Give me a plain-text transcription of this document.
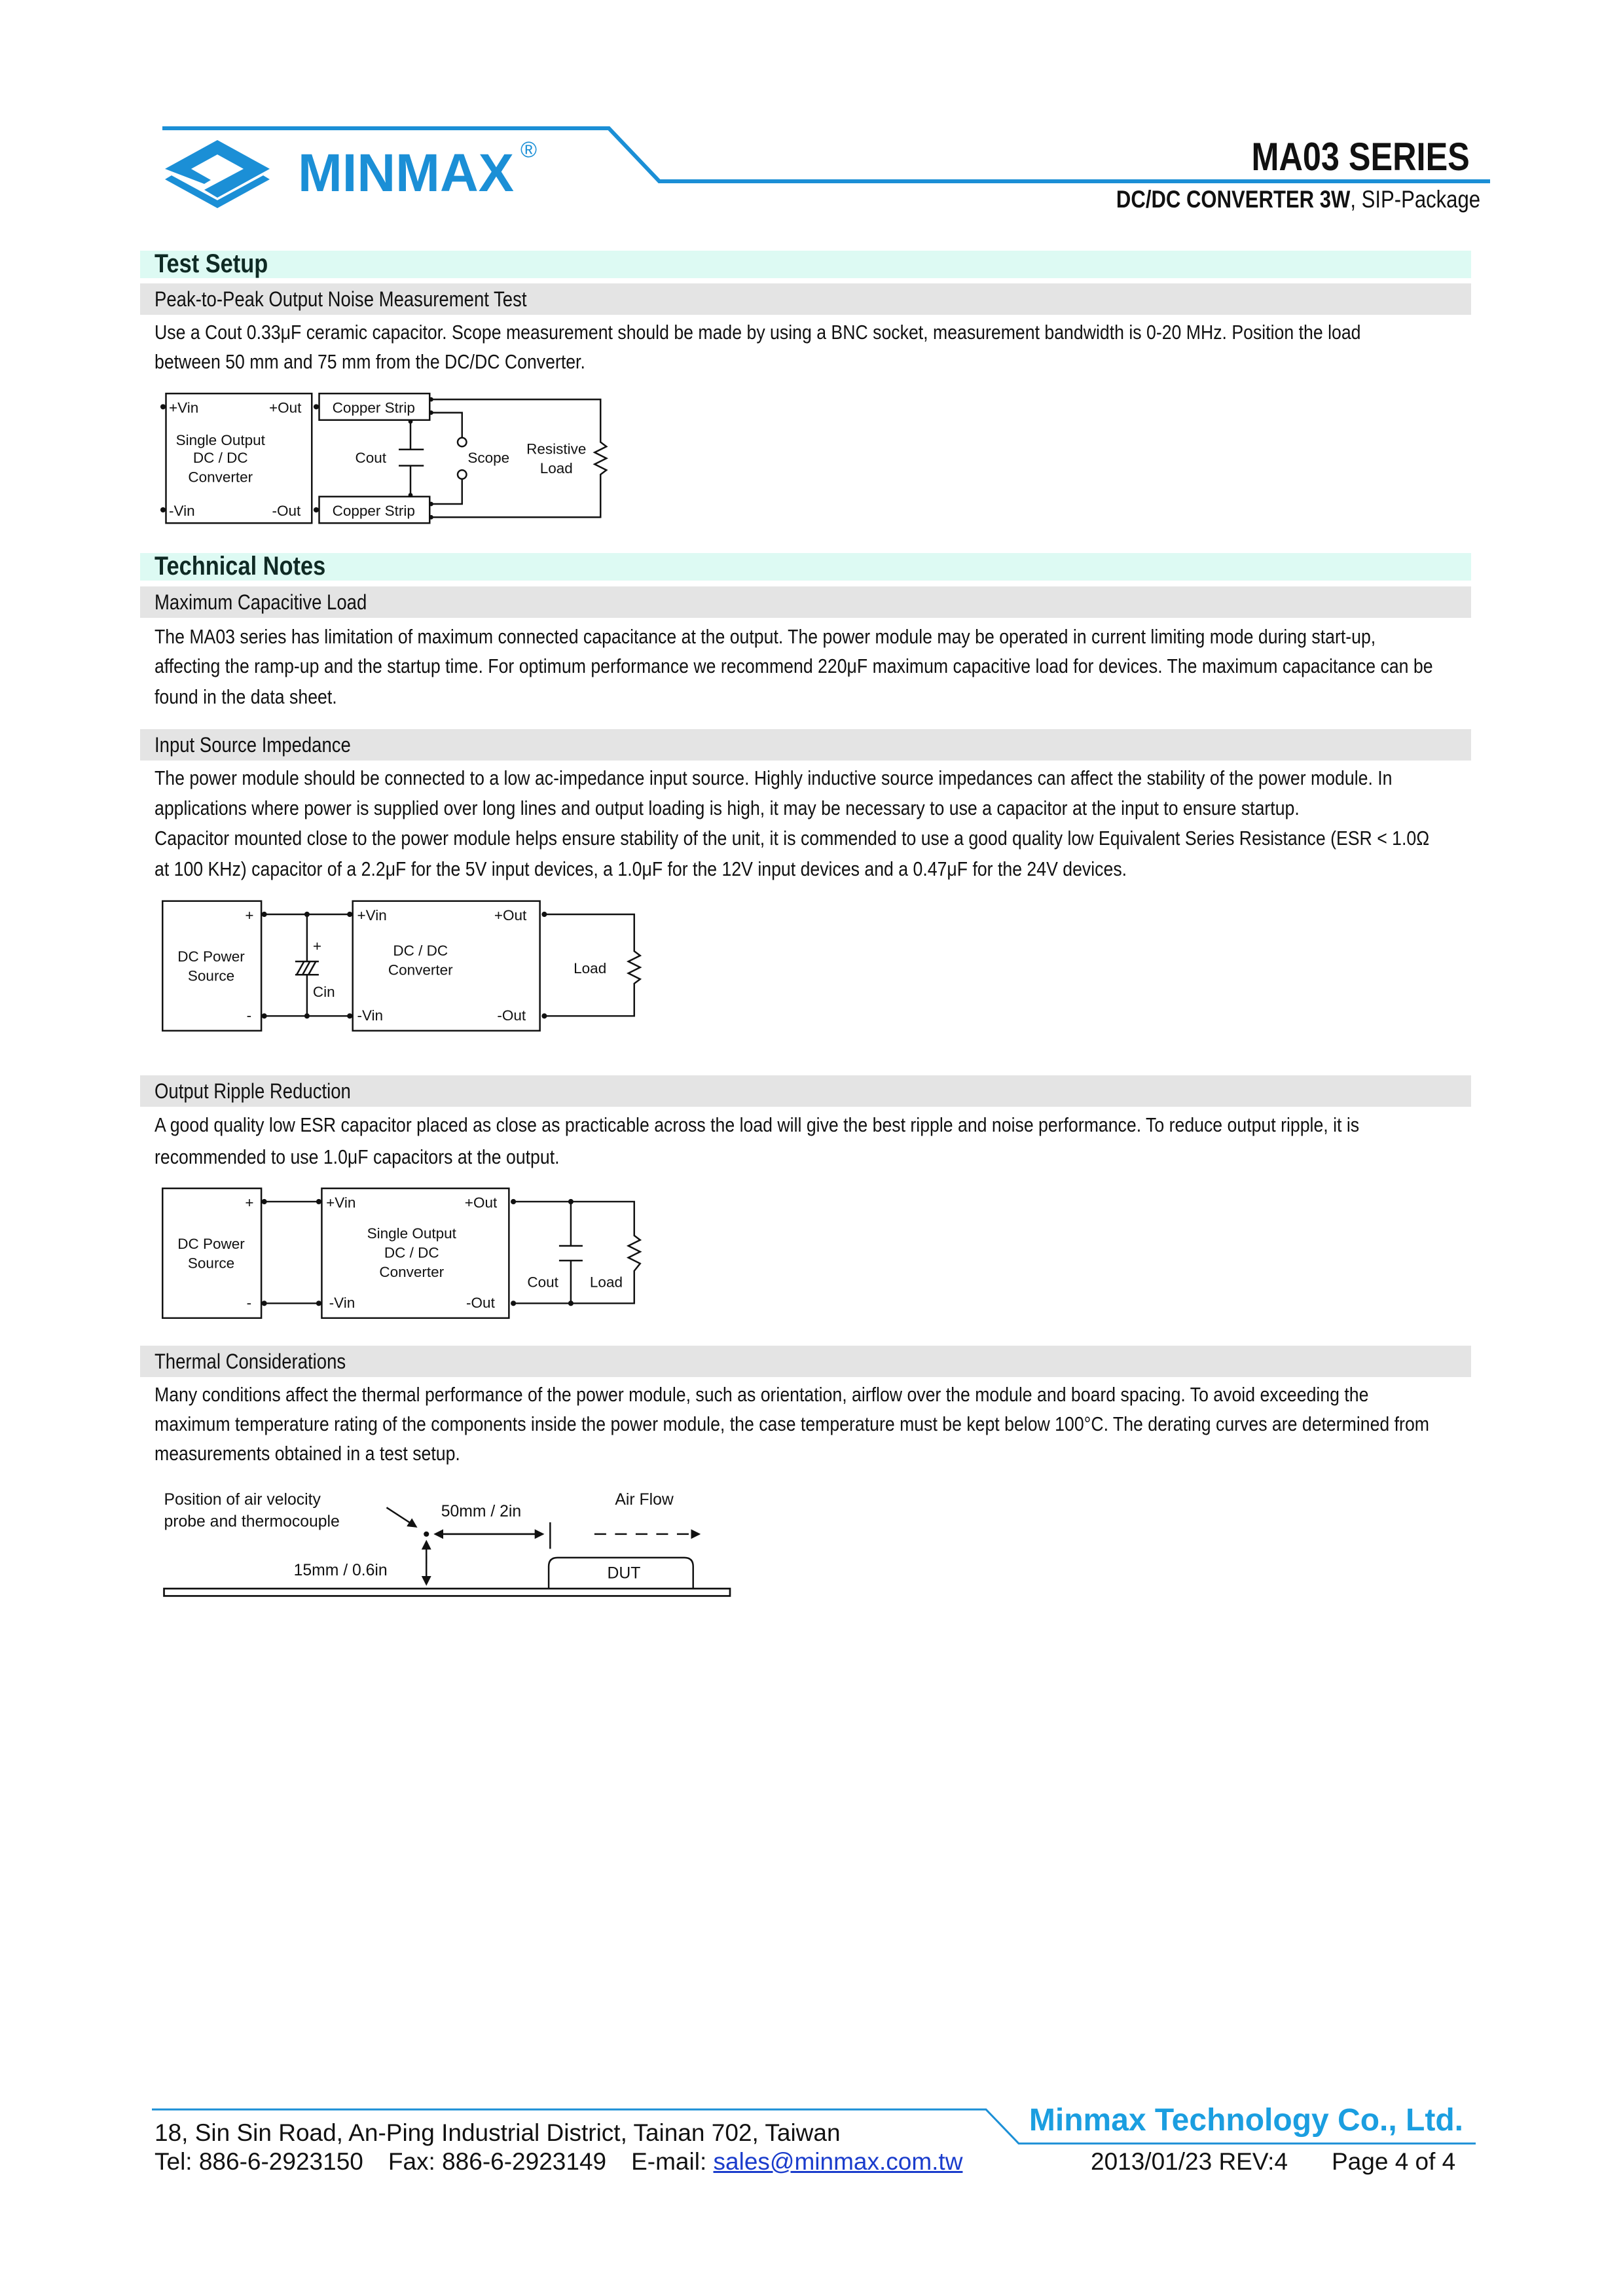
MINMAX ®	MA03 SERIES
DC/DC CONVERTER 3W, SIP-Package
Test Setup
Peak-to-Peak Output Noise Measurement Test
Use a Cout 0.33μF ceramic capacitor. Scope measurement should be made by using a BNC socket, measurement bandwidth is 0-20 MHz. Position the load
between 50 mm and 75 mm from the DC/DC Converter.
+Vin	+Out
-Vin	-Out
Single Output
DC / DC
Converter
Copper Strip
Copper Strip
Cout	Scope
Resistive
Load
Technical Notes
Maximum Capacitive Load
The MA03 series has limitation of maximum connected capacitance at the output. The power module may be operated in current limiting mode during start-up,
affecting the ramp-up and the startup time. For optimum performance we recommend 220μF maximum capacitive load for devices. The maximum capacitance can be
found in the data sheet.
Input Source Impedance
The power module should be connected to a low ac-impedance input source. Highly inductive source impedances can affect the stability of the power module. In
applications where power is supplied over long lines and output loading is high, it may be necessary to use a capacitor at the input to ensure startup.
Capacitor mounted close to the power module helps ensure stability of the unit, it is commended to use a good quality low Equivalent Series Resistance (ESR < 1.0Ω
at 100 KHz) capacitor of a 2.2μF for the 5V input devices, a 1.0μF for the 12V input devices and a 0.47μF for the 24V devices.
+
-
DC Power
Source
+
Cin
+Vin	+Out
-Vin	-Out
DC / DC
Converter	Load
Output Ripple Reduction
A good quality low ESR capacitor placed as close as practicable across the load will give the best ripple and noise performance. To reduce output ripple, it is
recommended to use 1.0μF capacitors at the output.
+
-
DC Power
Source
+Vin	+Out
-Vin	-Out
Single Output
DC / DC
Converter
Cout	Load
Thermal Considerations
Many conditions affect the thermal performance of the power module, such as orientation, airflow over the module and board spacing. To avoid exceeding the
maximum temperature rating of the components inside the power module, the case temperature must be kept below 100°C. The derating curves are determined from
measurements obtained in a test setup.
Position of air velocity
probe and thermocouple
50mm / 2in
Air Flow
15mm / 0.6in	DUT
Minmax Technology Co., Ltd.
18, Sin Sin Road, An-Ping Industrial District, Tainan 702, Taiwan
Tel: 886-6-2923150 Fax: 886-6-2923149 E-mail: sales@minmax.com.tw	2013/01/23 REV:4 Page 4 of 4
